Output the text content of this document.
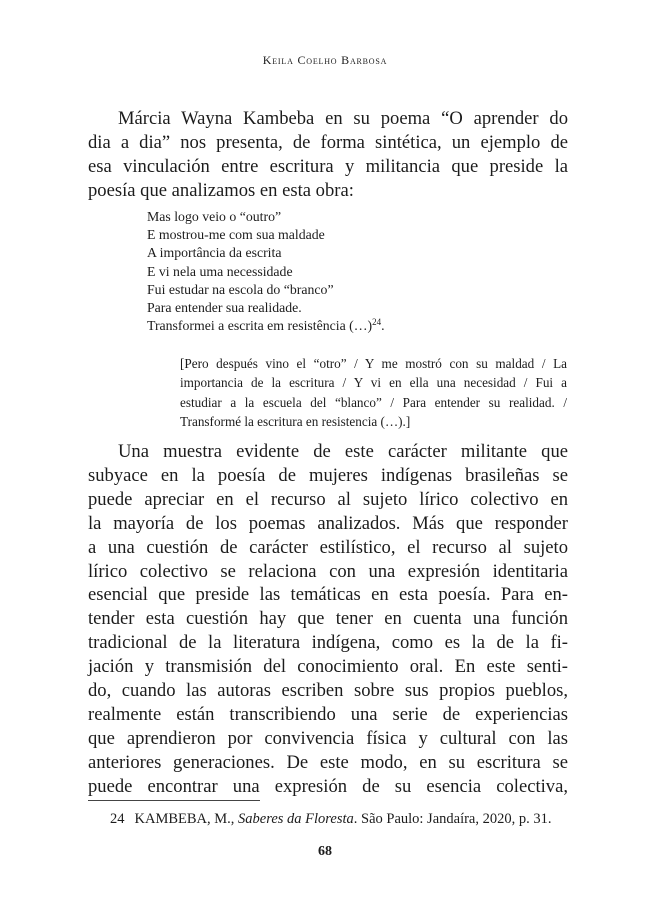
Keila Coelho Barbosa

Márcia Wayna Kambeba en su poema “O aprender do
dia a dia” nos presenta, de forma sintética, un ejemplo de
esa vinculación entre escritura y militancia que preside la
poesía que analizamos en esta obra:

Mas logo veio o “outro”
E mostrou-me com sua maldade
A importância da escrita
E vi nela uma necessidade
Fui estudar na escola do “branco”
Para entender sua realidade.
Transformei a escrita em resistência (…)$^{24}$.
[Pero después vino el “otro” / Y me mostró con su maldad / La
importancia de la escritura / Y vi en ella una necesidad / Fui a
estudiar a la escuela del “blanco” / Para entender su realidad. /
Transformé la escritura en resistencia (…).]

Una muestra evidente de este carácter militante que
subyace en la poesía de mujeres indígenas brasileñas se
puede apreciar en el recurso al sujeto lírico colectivo en
la mayoría de los poemas analizados. Más que responder
a una cuestión de carácter estilístico, el recurso al sujeto
lírico colectivo se relaciona con una expresión identitaria
esencial que preside las temáticas en esta poesía. Para en-
tender esta cuestión hay que tener en cuenta una función
tradicional de la literatura indígena, como es la de la fi-
jación y transmisión del conocimiento oral. En este senti-
do, cuando las autoras escriben sobre sus propios pueblos,
realmente están transcribiendo una serie de experiencias
que aprendieron por convivencia física y cultural con las
anteriores generaciones. De este modo, en su escritura se
puede encontrar una expresión de su esencia colectiva,

24 KAMBEBA, M., Saberes da Floresta. São Paulo: Jandaíra, 2020, p. 31.
68
